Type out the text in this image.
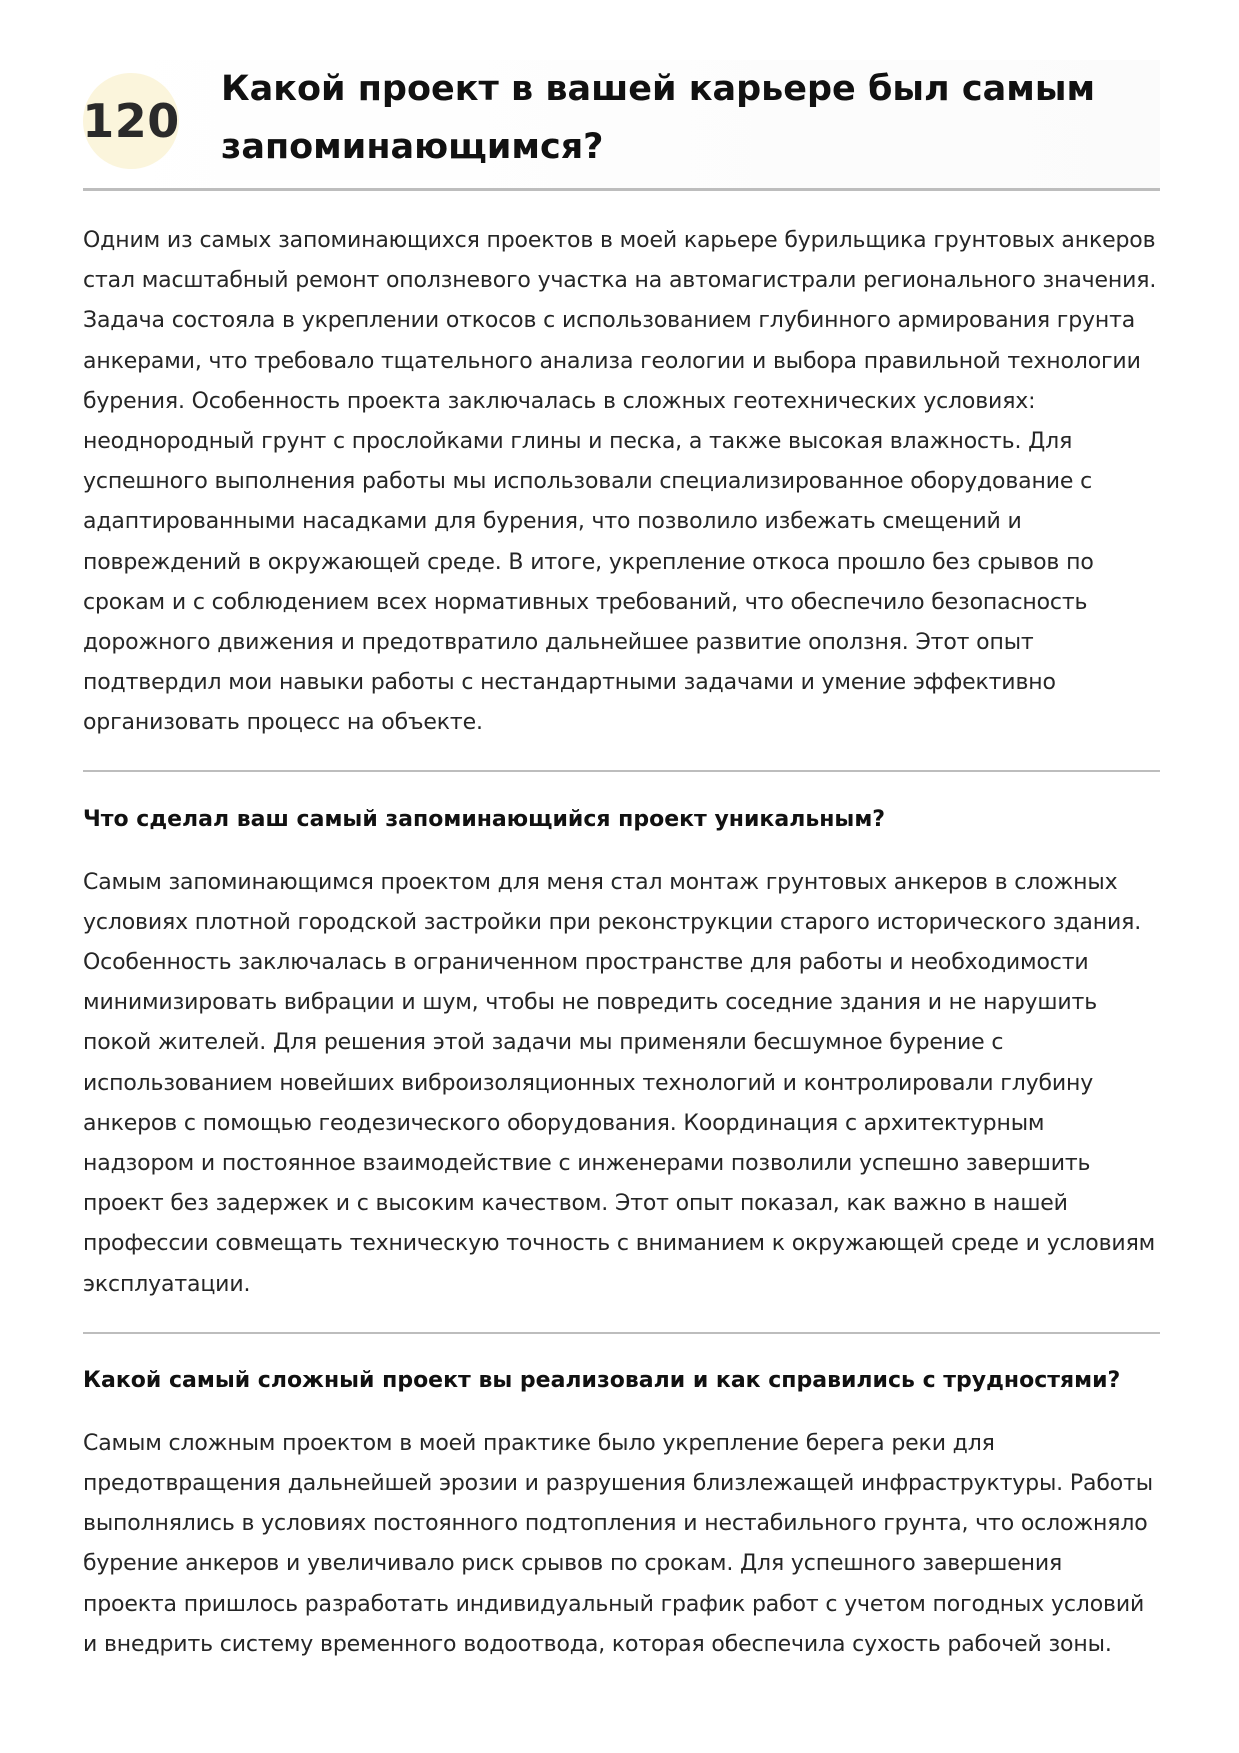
120
Какой проект в вашей карьере был самым запоминающимся?

Одним из самых запоминающихся проектов в моей карьере бурильщика грунтовых анкеров стал масштабный ремонт оползневого участка на автомагистрали регионального значения. Задача состояла в укреплении откосов с использованием глубинного армирования грунта анкерами, что требовало тщательного анализа геологии и выбора правильной технологии бурения. Особенность проекта заключалась в сложных геотехнических условиях: неоднородный грунт с прослойками глины и песка, а также высокая влажность. Для успешного выполнения работы мы использовали специализированное оборудование с адаптированными насадками для бурения, что позволило избежать смещений и повреждений в окружающей среде. В итоге, укрепление откоса прошло без срывов по срокам и с соблюдением всех нормативных требований, что обеспечило безопасность дорожного движения и предотвратило дальнейшее развитие оползня. Этот опыт подтвердил мои навыки работы с нестандартными задачами и умение эффективно организовать процесс на объекте.

Что сделал ваш самый запоминающийся проект уникальным?

Самым запоминающимся проектом для меня стал монтаж грунтовых анкеров в сложных условиях плотной городской застройки при реконструкции старого исторического здания. Особенность заключалась в ограниченном пространстве для работы и необходимости минимизировать вибрации и шум, чтобы не повредить соседние здания и не нарушить покой жителей. Для решения этой задачи мы применяли бесшумное бурение с использованием новейших виброизоляционных технологий и контролировали глубину анкеров с помощью геодезического оборудования. Координация с архитектурным надзором и постоянное взаимодействие с инженерами позволили успешно завершить проект без задержек и с высоким качеством. Этот опыт показал, как важно в нашей профессии совмещать техническую точность с вниманием к окружающей среде и условиям эксплуатации.

Какой самый сложный проект вы реализовали и как справились с трудностями?

Самым сложным проектом в моей практике было укрепление берега реки для предотвращения дальнейшей эрозии и разрушения близлежащей инфраструктуры. Работы выполнялись в условиях постоянного подтопления и нестабильного грунта, что осложняло бурение анкеров и увеличивало риск срывов по срокам. Для успешного завершения проекта пришлось разработать индивидуальный график работ с учетом погодных условий и внедрить систему временного водоотвода, которая обеспечила сухость рабочей зоны.
